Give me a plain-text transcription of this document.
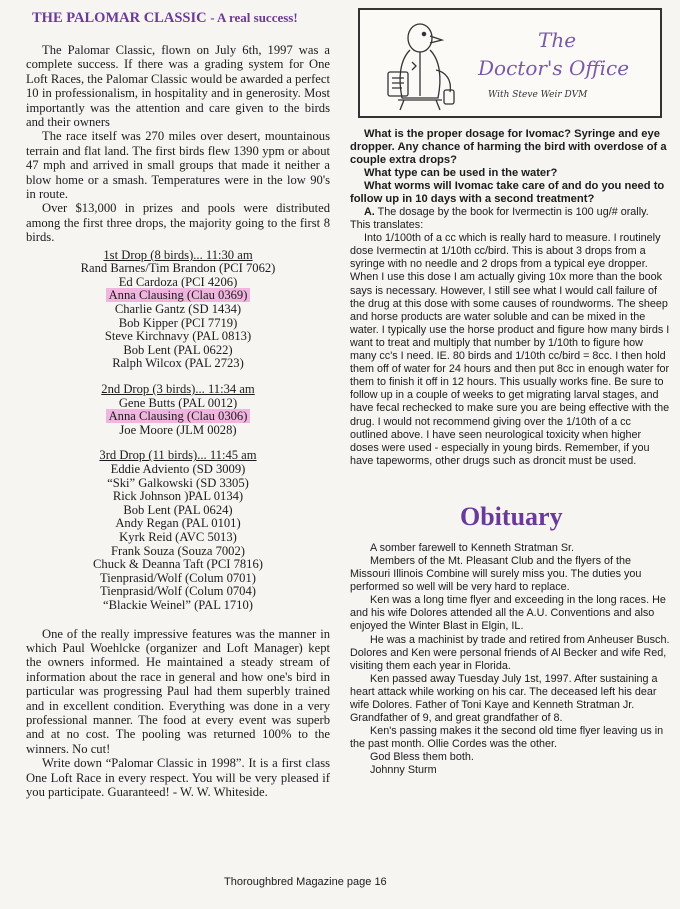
THE PALOMAR CLASSIC - A real success!

The Palomar Classic, flown on July 6th, 1997 was a complete success. If there was a grading system for One Loft Races, the Palomar Classic would be awarded a perfect 10 in professionalism, in hospitality and in generosity. Most importantly was the attention and care given to the birds and their owners

The race itself was 270 miles over desert, mountainous terrain and flat land. The first birds flew 1390 ypm or about 47 mph and arrived in small groups that made it neither a blow home or a smash. Temperatures were in the low 90's in route.

Over $13,000 in prizes and pools were distributed among the first three drops, the majority going to the first 8 birds.

1st Drop (8 birds)... 11:30 am
Rand Barnes/Tim Brandon (PCI 7062)
Ed Cardoza (PCI 4206)
Anna Clausing (Clau 0369)
Charlie Gantz (SD 1434)
Bob Kipper (PCI 7719)
Steve Kirchnavy (PAL 0813)
Bob Lent (PAL 0622)
Ralph Wilcox (PAL 2723)
2nd Drop (3 birds)... 11:34 am
Gene Butts (PAL 0012)
Anna Clausing (Clau 0306)
Joe Moore (JLM 0028)
3rd Drop (11 birds)... 11:45 am
Eddie Adviento (SD 3009)
“Ski” Galkowski (SD 3305)
Rick Johnson )PAL 0134)
Bob Lent (PAL 0624)
Andy Regan (PAL 0101)
Kyrk Reid (AVC 5013)
Frank Souza (Souza 7002)
Chuck & Deanna Taft (PCI 7816)
Tienprasid/Wolf (Colum 0701)
Tienprasid/Wolf (Colum 0704)
“Blackie Weinel” (PAL 1710)

One of the really impressive features was the manner in which Paul Woehlcke (organizer and Loft Manager) kept the owners informed. He maintained a steady stream of information about the race in general and how one's bird in particular was progressing Paul had them superbly trained and in excellent condition. Everything was done in a very professional manner. The food at every event was superb and at no cost. The pooling was returned 100% to the winners. No cut!

Write down “Palomar Classic in 1998”. It is a first class One Loft Race in every respect. You will be very pleased if you participate. Guaranteed! - W. W. Whiteside.

The
Doctor's Office
With Steve Weir DVM

What is the proper dosage for Ivomac? Syringe and eye dropper. Any chance of harming the bird with overdose of a couple extra drops?

What type can be used in the water?

What worms will Ivomac take care of and do you need to follow up in 10 days with a second treatment?

A. The dosage by the book for Ivermectin is 100 ug/# orally. This translates:

Into 1/100th of a cc which is really hard to measure. I routinely dose Ivermectin at 1/10th cc/bird. This is about 3 drops from a syringe with no needle and 2 drops from a typical eye dropper. When I use this dose I am actually giving 10x more than the book says is necessary. However, I still see what I would call failure of the drug at this dose with some causes of roundworms. The sheep and horse products are water soluble and can be mixed in the water. I typically use the horse product and figure how many birds I want to treat and multiply that number by 1/10th to figure how many cc's I need. IE. 80 birds and 1/10th cc/bird = 8cc. I then hold them off of water for 24 hours and then put 8cc in enough water for them to finish it off in 12 hours. This usually works fine. Be sure to follow up in a couple of weeks to get migrating larval stages, and have fecal rechecked to make sure you are being effective with the drug. I would not recommend giving over the 1/10th of a cc outlined above. I have seen neurological toxicity when higher doses were used - especially in young birds. Remember, if you have tapeworms, other drugs such as droncit must be used.

Obituary

A somber farewell to Kenneth Stratman Sr.

Members of the Mt. Pleasant Club and the flyers of the Missouri Illinois Combine will surely miss you. The duties you performed so well will be very hard to replace.

Ken was a long time flyer and exceeding in the long races. He and his wife Dolores attended all the A.U. Conventions and also enjoyed the Winter Blast in Elgin, IL.

He was a machinist by trade and retired from Anheuser Busch. Dolores and Ken were personal friends of Al Becker and wife Red, visiting them each year in Florida.

Ken passed away Tuesday July 1st, 1997. After sustaining a heart attack while working on his car. The deceased left his dear wife Dolores. Father of Toni Kaye and Kenneth Stratman Jr. Grandfather of 9, and great grandfather of 8.

Ken's passing makes it the second old time flyer leaving us in the past month. Ollie Cordes was the other.

God Bless them both.

Johnny Sturm

Thoroughbred Magazine page 16
